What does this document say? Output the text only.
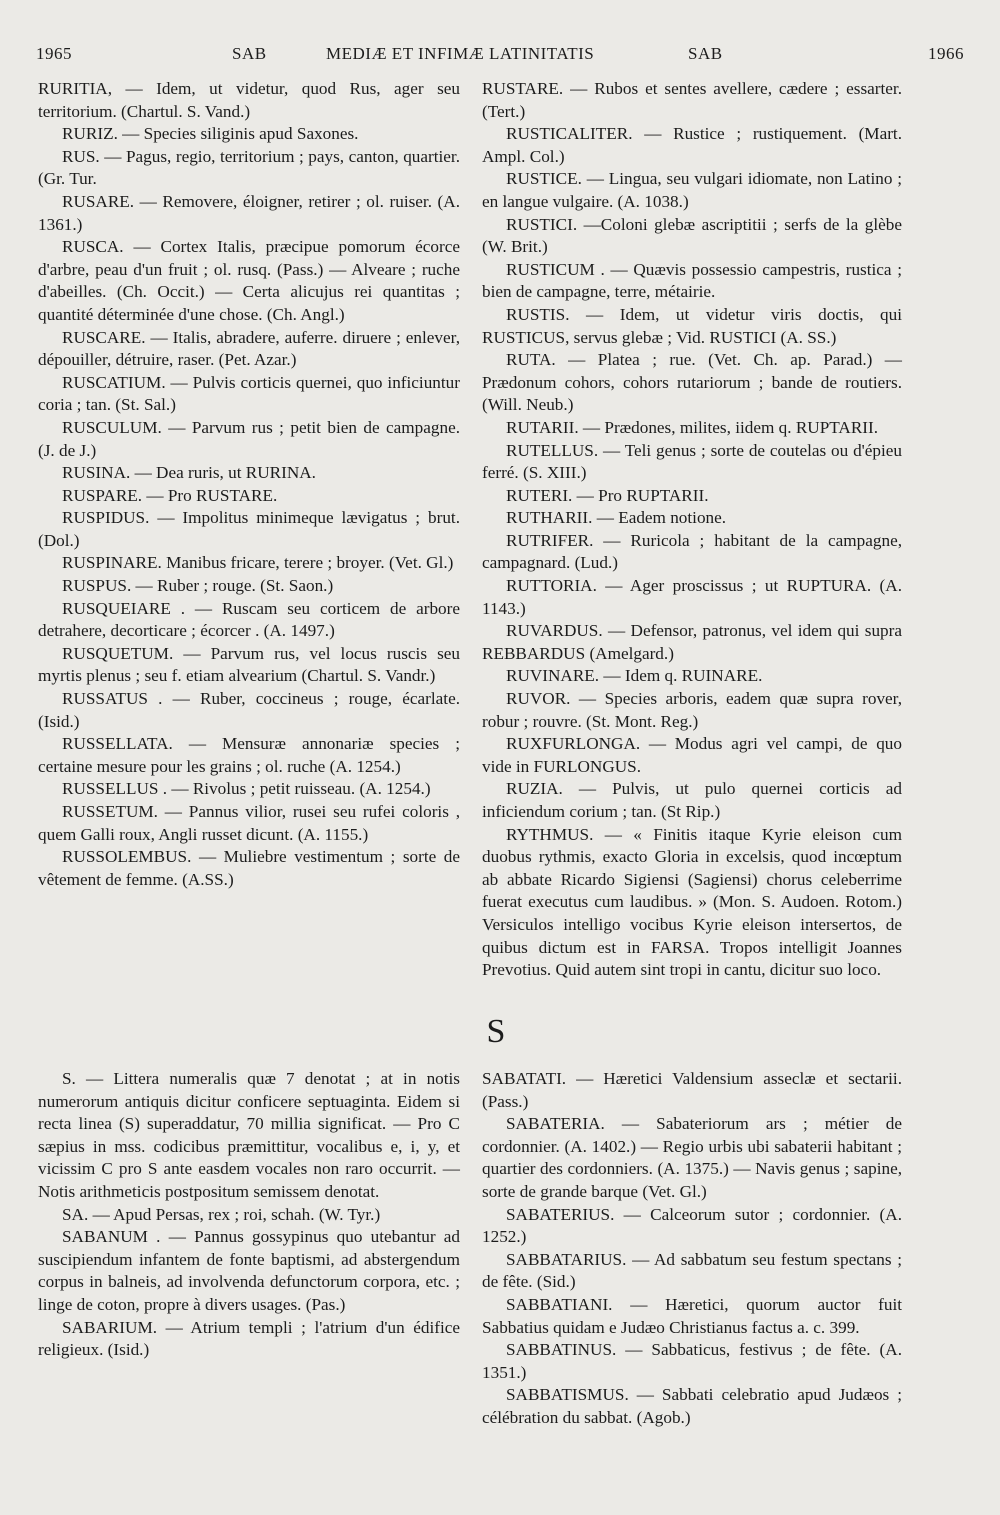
1965	SAB	MEDIÆ ET INFIMÆ LATINITATIS	SAB	1966

RURITIA, — Idem, ut videtur, quod Rus, ager seu territorium. (Chartul. S. Vand.)

RURIZ. — Species siliginis apud Saxones.

RUS. — Pagus, regio, territorium ; pays, canton, quartier. (Gr. Tur.

RUSARE. — Removere, éloigner, retirer ; ol. ruiser. (A. 1361.)

RUSCA. — Cortex Italis, præcipue pomorum écorce d'arbre, peau d'un fruit ; ol. rusq. (Pass.) — Alveare ; ruche d'abeilles. (Ch. Occit.) — Certa alicujus rei quantitas ; quantité déterminée d'une chose. (Ch. Angl.)

RUSCARE. — Italis, abradere, auferre. diruere ; enlever, dépouiller, détruire, raser. (Pet. Azar.)

RUSCATIUM. — Pulvis corticis quernei, quo inficiuntur coria ; tan. (St. Sal.)

RUSCULUM. — Parvum rus ; petit bien de campagne. (J. de J.)

RUSINA. — Dea ruris, ut RURINA.

RUSPARE. — Pro RUSTARE.

RUSPIDUS. — Impolitus minimeque lævigatus ; brut. (Dol.)

RUSPINARE. Manibus fricare, terere ; broyer. (Vet. Gl.)

RUSPUS. — Ruber ; rouge. (St. Saon.)

RUSQUEIARE . — Ruscam seu corticem de arbore detrahere, decorticare ; écorcer . (A. 1497.)

RUSQUETUM. — Parvum rus, vel locus ruscis seu myrtis plenus ; seu f. etiam alvearium (Chartul. S. Vandr.)

RUSSATUS . — Ruber, coccineus ; rouge, écarlate. (Isid.)

RUSSELLATA. — Mensuræ annonariæ species ; certaine mesure pour les grains ; ol. ruche (A. 1254.)

RUSSELLUS . — Rivolus ; petit ruisseau. (A. 1254.)

RUSSETUM. — Pannus vilior, rusei seu rufei coloris , quem Galli roux, Angli russet dicunt. (A. 1155.)

RUSSOLEMBUS. — Muliebre vestimentum ; sorte de vêtement de femme. (A.SS.)

RUSTARE. — Rubos et sentes avellere, cædere ; essarter. (Tert.)

RUSTICALITER. — Rustice ; rustiquement. (Mart. Ampl. Col.)

RUSTICE. — Lingua, seu vulgari idiomate, non Latino ; en langue vulgaire. (A. 1038.)

RUSTICI. —Coloni glebæ ascriptitii ; serfs de la glèbe (W. Brit.)

RUSTICUM . — Quævis possessio campestris, rustica ; bien de campagne, terre, métairie.

RUSTIS. — Idem, ut videtur viris doctis, qui RUSTICUS, servus glebæ ; Vid. RUSTICI (A. SS.)

RUTA. — Platea ; rue. (Vet. Ch. ap. Parad.) — Prædonum cohors, cohors rutariorum ; bande de routiers. (Will. Neub.)

RUTARII. — Prædones, milites, iidem q. RUPTARII.

RUTELLUS. — Teli genus ; sorte de coutelas ou d'épieu ferré. (S. XIII.)

RUTERI. — Pro RUPTARII.

RUTHARII. — Eadem notione.

RUTRIFER. — Ruricola ; habitant de la campagne, campagnard. (Lud.)

RUTTORIA. — Ager proscissus ; ut RUPTURA. (A. 1143.)

RUVARDUS. — Defensor, patronus, vel idem qui supra REBBARDUS (Amelgard.)

RUVINARE. — Idem q. RUINARE.

RUVOR. — Species arboris, eadem quæ supra rover, robur ; rouvre. (St. Mont. Reg.)

RUXFURLONGA. — Modus agri vel campi, de quo vide in FURLONGUS.

RUZIA. — Pulvis, ut pulo quernei corticis ad inficiendum corium ; tan. (St Rip.)

RYTHMUS. — « Finitis itaque Kyrie eleison cum duobus rythmis, exacto Gloria in excelsis, quod incœptum ab abbate Ricardo Sigiensi (Sagiensi) chorus celeberrime fuerat executus cum laudibus. » (Mon. S. Audoen. Rotom.) Versiculos intelligo vocibus Kyrie eleison intersertos, de quibus dictum est in FARSA. Tropos intelligit Joannes Prevotius. Quid autem sint tropi in cantu, dicitur suo loco.

S

S. — Littera numeralis quæ 7 denotat ; at in notis numerorum antiquis dicitur conficere septuaginta. Eidem si recta linea (S) superaddatur, 70 millia significat. — Pro C sæpius in mss. codicibus præmittitur, vocalibus e, i, y, et vicissim C pro S ante easdem vocales non raro occurrit. — Notis arithmeticis postpositum semissem denotat.

SA. — Apud Persas, rex ; roi, schah. (W. Tyr.)

SABANUM . — Pannus gossypinus quo utebantur ad suscipiendum infantem de fonte baptismi, ad abstergendum corpus in balneis, ad involvenda defunctorum corpora, etc. ; linge de coton, propre à divers usages. (Pas.)

SABARIUM. — Atrium templi ; l'atrium d'un édifice religieux. (Isid.)

SABATATI. — Hæretici Valdensium asseclæ et sectarii. (Pass.)

SABATERIA. — Sabateriorum ars ; métier de cordonnier. (A. 1402.) — Regio urbis ubi sabaterii habitant ; quartier des cordonniers. (A. 1375.) — Navis genus ; sapine, sorte de grande barque (Vet. Gl.)

SABATERIUS. — Calceorum sutor ; cordonnier. (A. 1252.)

SABBATARIUS. — Ad sabbatum seu festum spectans ; de fête. (Sid.)

SABBATIANI. — Hæretici, quorum auctor fuit Sabbatius quidam e Judæo Christianus factus a. c. 399.

SABBATINUS. — Sabbaticus, festivus ; de fête. (A. 1351.)

SABBATISMUS. — Sabbati celebratio apud Judæos ; célébration du sabbat. (Agob.)
